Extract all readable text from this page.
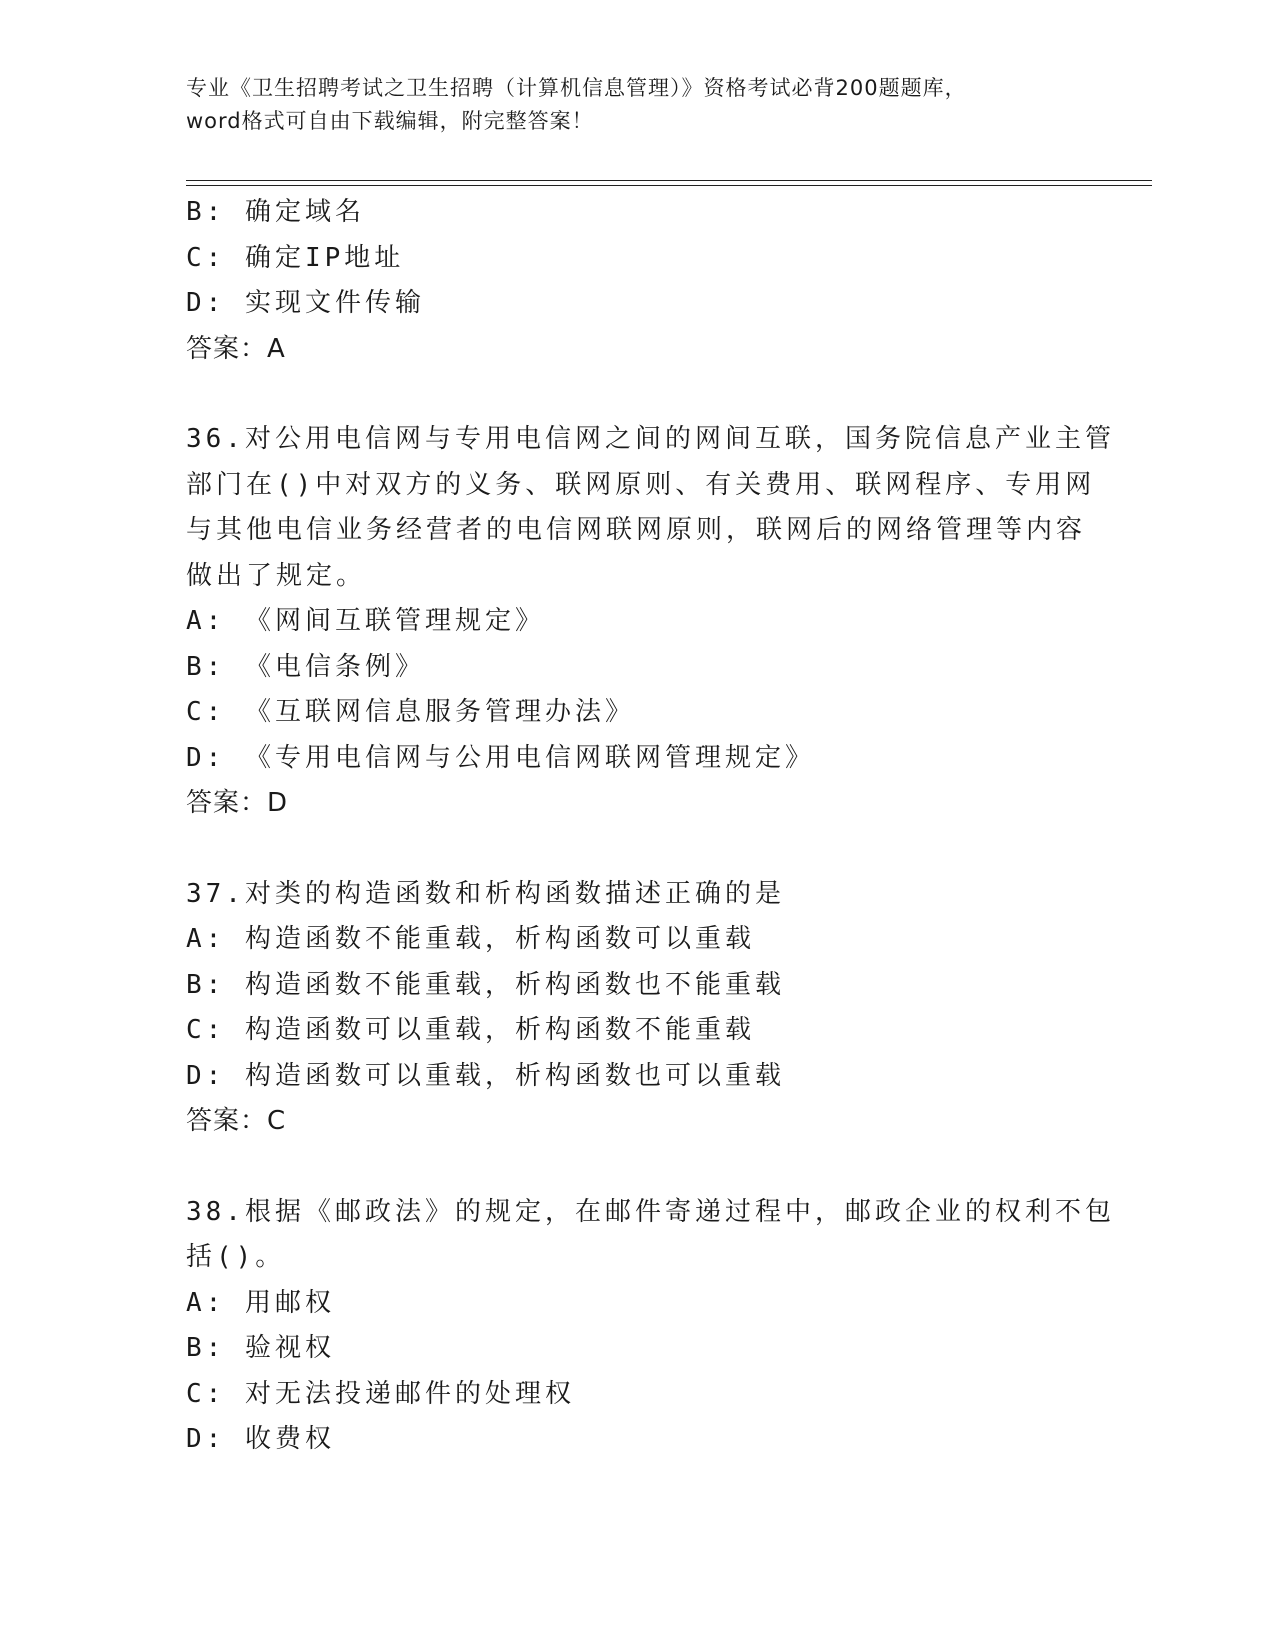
专业《卫生招聘考试之卫生招聘（计算机信息管理）》资格考试必背200题题库，
word格式可自由下载编辑，附完整答案！
B: 确定域名
C: 确定IP地址
D: 实现文件传输
答案：A
36.对公用电信网与专用电信网之间的网间互联，国务院信息产业主管
部门在()中对双方的义务、联网原则、有关费用、联网程序、专用网
与其他电信业务经营者的电信网联网原则，联网后的网络管理等内容
做出了规定。
A: 《网间互联管理规定》
B: 《电信条例》
C: 《互联网信息服务管理办法》
D: 《专用电信网与公用电信网联网管理规定》
答案：D
37.对类的构造函数和析构函数描述正确的是
A: 构造函数不能重载，析构函数可以重载
B: 构造函数不能重载，析构函数也不能重载
C: 构造函数可以重载，析构函数不能重载
D: 构造函数可以重载，析构函数也可以重载
答案：C
38.根据《邮政法》的规定，在邮件寄递过程中，邮政企业的权利不包
括()。
A: 用邮权
B: 验视权
C: 对无法投递邮件的处理权
D: 收费权
